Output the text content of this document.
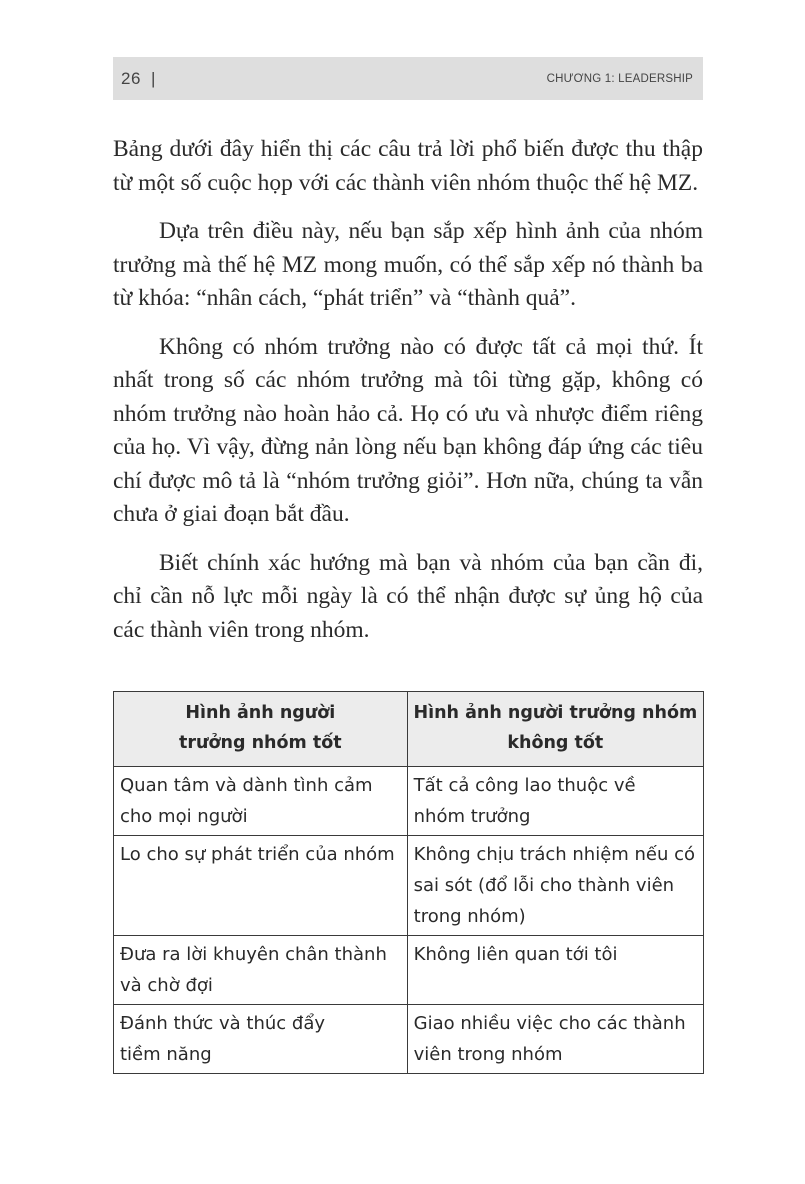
26 |	CHƯƠNG 1: LEADERSHIP

Bảng dưới đây hiển thị các câu trả lời phổ biến được thu thập từ một số cuộc họp với các thành viên nhóm thuộc thế hệ MZ.

Dựa trên điều này, nếu bạn sắp xếp hình ảnh của nhóm trưởng mà thế hệ MZ mong muốn, có thể sắp xếp nó thành ba từ khóa: “nhân cách, “phát triển” và “thành quả”.

Không có nhóm trưởng nào có được tất cả mọi thứ. Ít nhất trong số các nhóm trưởng mà tôi từng gặp, không có nhóm trưởng nào hoàn hảo cả. Họ có ưu và nhược điểm riêng của họ. Vì vậy, đừng nản lòng nếu bạn không đáp ứng các tiêu chí được mô tả là “nhóm trưởng giỏi”. Hơn nữa, chúng ta vẫn chưa ở giai đoạn bắt đầu.

Biết chính xác hướng mà bạn và nhóm của bạn cần đi, chỉ cần nỗ lực mỗi ngày là có thể nhận được sự ủng hộ của các thành viên trong nhóm.

Hình ảnh người trưởng nhóm tốt	Hình ảnh người trưởng nhóm không tốt
Quan tâm và dành tình cảm cho mọi người	Tất cả công lao thuộc về nhóm trưởng
Lo cho sự phát triển của nhóm	Không chịu trách nhiệm nếu có sai sót (đổ lỗi cho thành viên trong nhóm)
Đưa ra lời khuyên chân thành và chờ đợi	Không liên quan tới tôi
Đánh thức và thúc đẩy tiềm năng	Giao nhiều việc cho các thành viên trong nhóm
